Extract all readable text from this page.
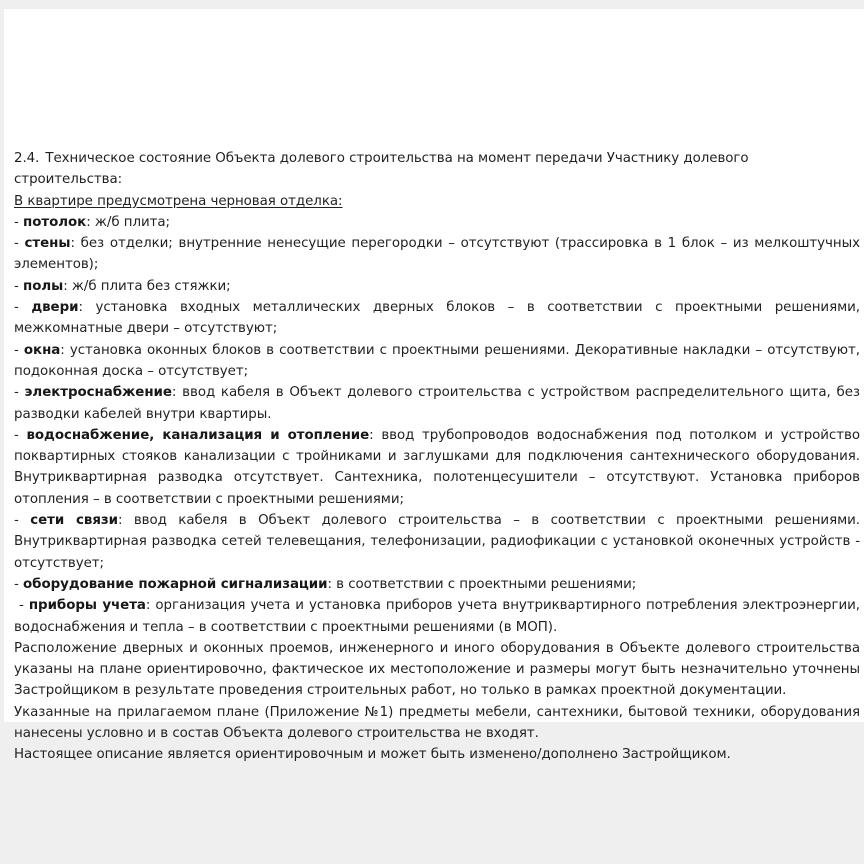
2.4. Техническое состояние Объекта долевого строительства на момент передачи Участнику долевого строительства:

В квартире предусмотрена черновая отделка:

- потолок: ж/б плита;

- стены: без отделки; внутренние ненесущие перегородки – отсутствуют (трассировка в 1 блок – из мелкоштучных элементов);

- полы: ж/б плита без стяжки;

- двери: установка входных металлических дверных блоков – в соответствии с проектными решениями, межкомнатные двери – отсутствуют;

- окна: установка оконных блоков в соответствии с проектными решениями. Декоративные накладки – отсутствуют, подоконная доска – отсутствует;

- электроснабжение: ввод кабеля в Объект долевого строительства с устройством распределительного щита, без разводки кабелей внутри квартиры.

- водоснабжение, канализация и отопление: ввод трубопроводов водоснабжения под потолком и устройство поквартирных стояков канализации с тройниками и заглушками для подключения сантехнического оборудования. Внутриквартирная разводка отсутствует. Сантехника, полотенцесушители – отсутствуют. Установка приборов отопления – в соответствии с проектными решениями;

- сети связи: ввод кабеля в Объект долевого строительства – в соответствии с проектными решениями. Внутриквартирная разводка сетей телевещания, телефонизации, радиофикации с установкой оконечных устройств - отсутствует;

- оборудование пожарной сигнализации: в соответствии с проектными решениями;

- приборы учета: организация учета и установка приборов учета внутриквартирного потребления электроэнергии, водоснабжения и тепла – в соответствии с проектными решениями (в МОП).

Расположение дверных и оконных проемов, инженерного и иного оборудования в Объекте долевого строительства указаны на плане ориентировочно, фактическое их местоположение и размеры могут быть незначительно уточнены Застройщиком в результате проведения строительных работ, но только в рамках проектной документации.

Указанные на прилагаемом плане (Приложение №1) предметы мебели, сантехники, бытовой техники, оборудования нанесены условно и в состав Объекта долевого строительства не входят.

Настоящее описание является ориентировочным и может быть изменено/дополнено Застройщиком.
